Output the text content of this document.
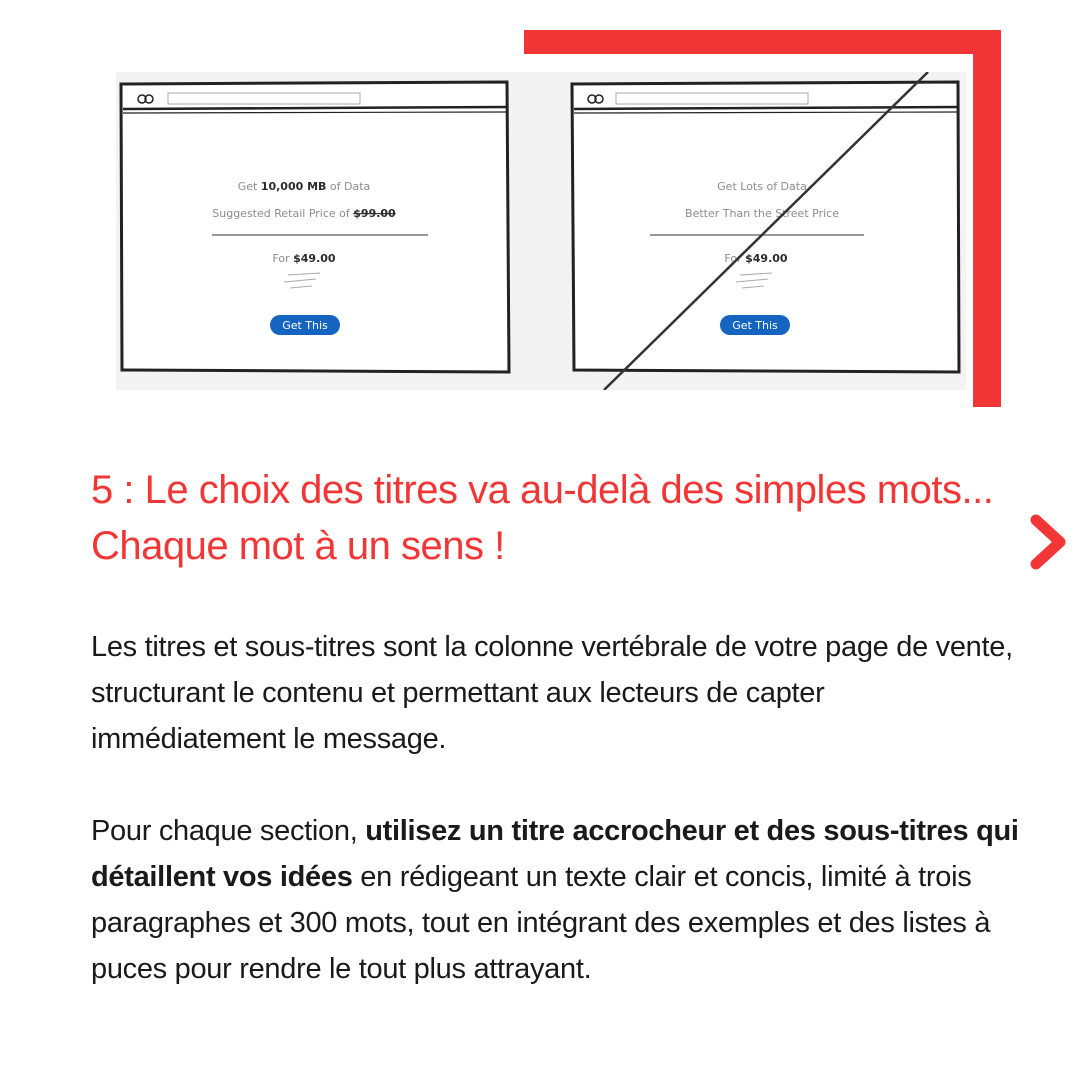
Get 10,000 MB of Data
Suggested Retail Price of $99.00
For $49.00
Get This
Get Lots of Data
Better Than the Street Price
For $49.00
Get This
5 : Le choix des titres va au-delà des simples mots... Chaque mot à un sens !

Les titres et sous-titres sont la colonne vertébrale de votre page de vente, structurant le contenu et permettant aux lecteurs de capter immédiatement le message.

Pour chaque section, utilisez un titre accrocheur et des sous-titres qui détaillent vos idées en rédigeant un texte clair et concis, limité à trois paragraphes et 300 mots, tout en intégrant des exemples et des listes à puces pour rendre le tout plus attrayant.
